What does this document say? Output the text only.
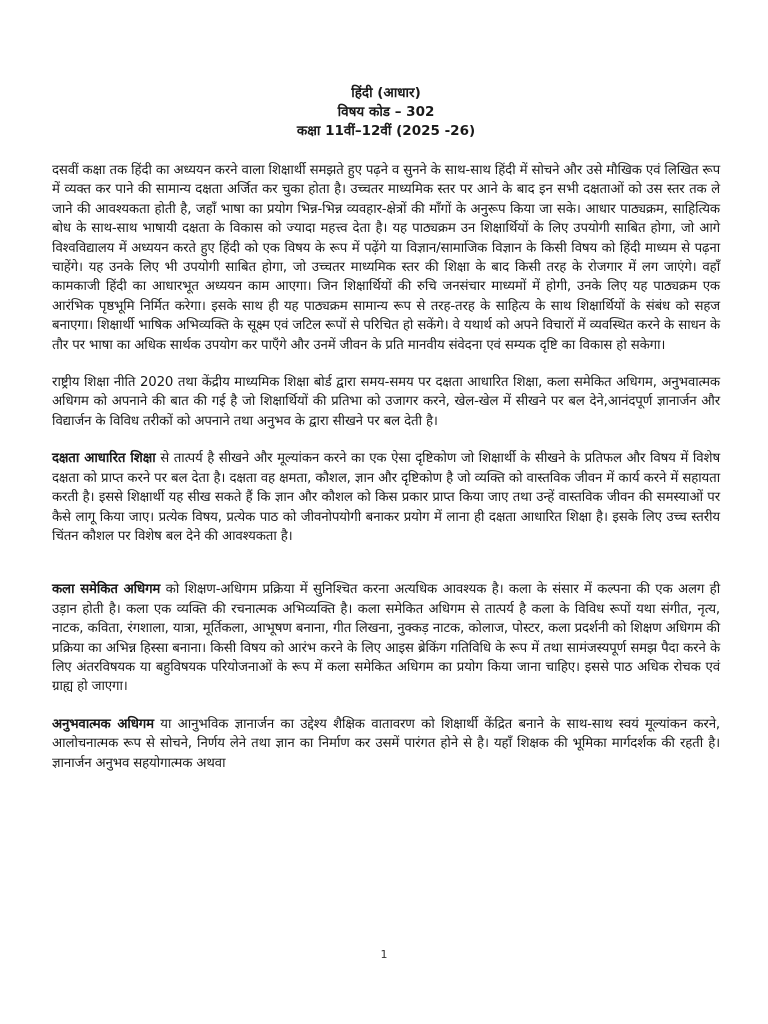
हिंदी (आधार)
विषय कोड – 302
कक्षा 11वीं–12वीं (2025 -26)

दसवीं कक्षा तक हिंदी का अध्ययन करने वाला शिक्षार्थी समझते हुए पढ़ने व सुनने के साथ-साथ हिंदी में सोचने और उसे मौखिक एवं लिखित रूप में व्यक्त कर पाने की सामान्य दक्षता अर्जित कर चुका होता है। उच्चतर माध्यमिक स्तर पर आने के बाद इन सभी दक्षताओं को उस स्तर तक ले जाने की आवश्यकता होती है, जहाँ भाषा का प्रयोग भिन्न-भिन्न व्यवहार-क्षेत्रों की माँगों के अनुरूप किया जा सके। आधार पाठ्यक्रम, साहित्यिक बोध के साथ-साथ भाषायी दक्षता के विकास को ज्यादा महत्त्व देता है। यह पाठ्यक्रम उन शिक्षार्थियों के लिए उपयोगी साबित होगा, जो आगे विश्वविद्यालय में अध्ययन करते हुए हिंदी को एक विषय के रूप में पढ़ेंगे या विज्ञान/सामाजिक विज्ञान के किसी विषय को हिंदी माध्यम से पढ़ना चाहेंगे। यह उनके लिए भी उपयोगी साबित होगा, जो उच्चतर माध्यमिक स्तर की शिक्षा के बाद किसी तरह के रोजगार में लग जाएंगे। वहाँ कामकाजी हिंदी का आधारभूत अध्ययन काम आएगा। जिन शिक्षार्थियों की रुचि जनसंचार माध्यमों में होगी, उनके लिए यह पाठ्यक्रम एक आरंभिक पृष्ठभूमि निर्मित करेगा। इसके साथ ही यह पाठ्यक्रम सामान्य रूप से तरह-तरह के साहित्य के साथ शिक्षार्थियों के संबंध को सहज बनाएगा। शिक्षार्थी भाषिक अभिव्यक्ति के सूक्ष्म एवं जटिल रूपों से परिचित हो सकेंगे। वे यथार्थ को अपने विचारों में व्यवस्थित करने के साधन के तौर पर भाषा का अधिक सार्थक उपयोग कर पाएँगे और उनमें जीवन के प्रति मानवीय संवेदना एवं सम्यक दृष्टि का विकास हो सकेगा।

राष्ट्रीय शिक्षा नीति 2020 तथा केंद्रीय माध्यमिक शिक्षा बोर्ड द्वारा समय-समय पर दक्षता आधारित शिक्षा, कला समेकित अधिगम, अनुभवात्मक अधिगम को अपनाने की बात की गई है जो शिक्षार्थियों की प्रतिभा को उजागर करने, खेल-खेल में सीखने पर बल देने,आनंदपूर्ण ज्ञानार्जन और विद्यार्जन के विविध तरीकों को अपनाने तथा अनुभव के द्वारा सीखने पर बल देती है।

दक्षता आधारित शिक्षा से तात्पर्य है सीखने और मूल्यांकन करने का एक ऐसा दृष्टिकोण जो शिक्षार्थी के सीखने के प्रतिफल और विषय में विशेष दक्षता को प्राप्त करने पर बल देता है। दक्षता वह क्षमता, कौशल, ज्ञान और दृष्टिकोण है जो व्यक्ति को वास्तविक जीवन में कार्य करने में सहायता करती है। इससे शिक्षार्थी यह सीख सकते हैं कि ज्ञान और कौशल को किस प्रकार प्राप्त किया जाए तथा उन्हें वास्तविक जीवन की समस्याओं पर कैसे लागू किया जाए। प्रत्येक विषय, प्रत्येक पाठ को जीवनोपयोगी बनाकर प्रयोग में लाना ही दक्षता आधारित शिक्षा है। इसके लिए उच्च स्तरीय चिंतन कौशल पर विशेष बल देने की आवश्यकता है।

कला समेकित अधिगम को शिक्षण-अधिगम प्रक्रिया में सुनिश्चित करना अत्यधिक आवश्यक है। कला के संसार में कल्पना की एक अलग ही उड़ान होती है। कला एक व्यक्ति की रचनात्मक अभिव्यक्ति है। कला समेकित अधिगम से तात्पर्य है कला के विविध रूपों यथा संगीत, नृत्य, नाटक, कविता, रंगशाला, यात्रा, मूर्तिकला, आभूषण बनाना, गीत लिखना, नुक्कड़ नाटक, कोलाज, पोस्टर, कला प्रदर्शनी को शिक्षण अधिगम की प्रक्रिया का अभिन्न हिस्सा बनाना। किसी विषय को आरंभ करने के लिए आइस ब्रेकिंग गतिविधि के रूप में तथा सामंजस्यपूर्ण समझ पैदा करने के लिए अंतरविषयक या बहुविषयक परियोजनाओं के रूप में कला समेकित अधिगम का प्रयोग किया जाना चाहिए। इससे पाठ अधिक रोचक एवं ग्राह्य हो जाएगा।

अनुभवात्मक अधिगम या आनुभविक ज्ञानार्जन का उद्देश्य शैक्षिक वातावरण को शिक्षार्थी केंद्रित बनाने के साथ-साथ स्वयं मूल्यांकन करने, आलोचनात्मक रूप से सोचने, निर्णय लेने तथा ज्ञान का निर्माण कर उसमें पारंगत होने से है। यहाँ शिक्षक की भूमिका मार्गदर्शक की रहती है। ज्ञानार्जन अनुभव सहयोगात्मक अथवा

1
